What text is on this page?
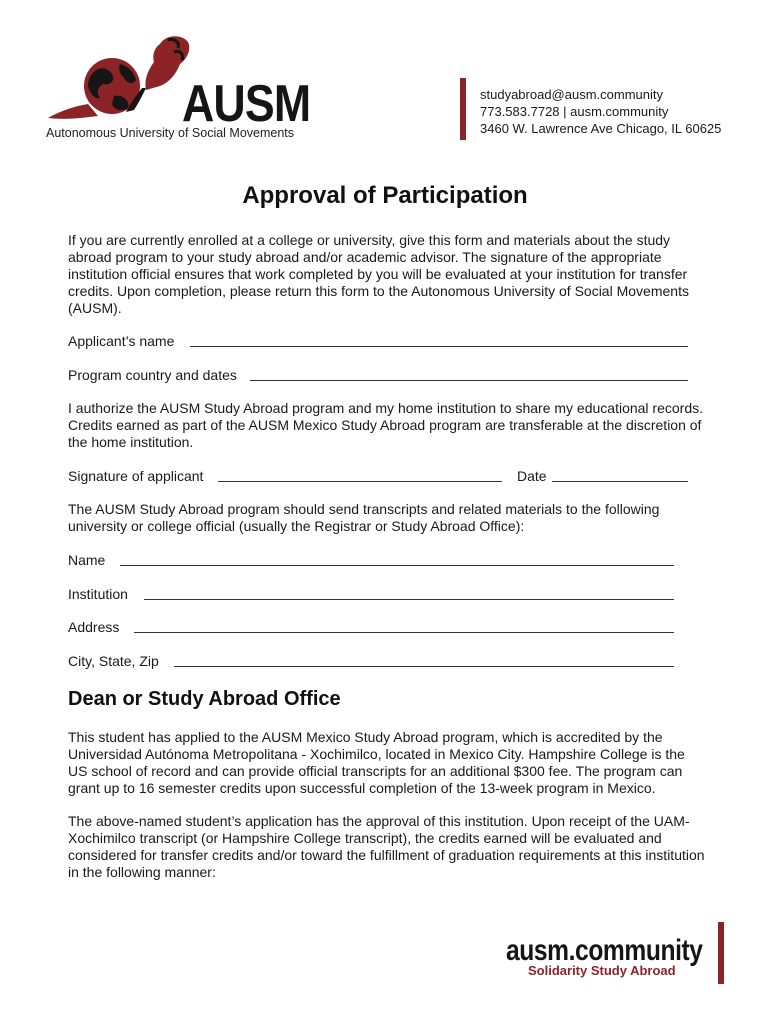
AUSM
Autonomous University of Social Movements
studyabroad@ausm.community
773.583.7728 | ausm.community
3460 W. Lawrence Ave Chicago, IL 60625
Approval of Participation

If you are currently enrolled at a college or university, give this form and materials about the study abroad program to your study abroad and/or academic advisor. The signature of the appropriate institution official ensures that work completed by you will be evaluated at your institution for transfer credits. Upon completion, please return this form to the Autonomous University of Social Movements (AUSM).

Applicant’s name
Program country and dates

I authorize the AUSM Study Abroad program and my home institution to share my educational records. Credits earned as part of the AUSM Mexico Study Abroad program are transferable at the discretion of the home institution.

Signature of applicant	Date

The AUSM Study Abroad program should send transcripts and related materials to the following university or college official (usually the Registrar or Study Abroad Office):

Name
Institution
Address
City, State, Zip
Dean or Study Abroad Office

This student has applied to the AUSM Mexico Study Abroad program, which is accredited by the Universidad Autónoma Metropolitana - Xochimilco, located in Mexico City. Hampshire College is the US school of record and can provide official transcripts for an additional $300 fee. The program can grant up to 16 semester credits upon successful completion of the 13-week program in Mexico.

The above-named student’s application has the approval of this institution. Upon receipt of the UAM-Xochimilco transcript (or Hampshire College transcript), the credits earned will be evaluated and considered for transfer credits and/or toward the fulfillment of graduation requirements at this institution in the following manner:

ausm.community
Solidarity Study Abroad
